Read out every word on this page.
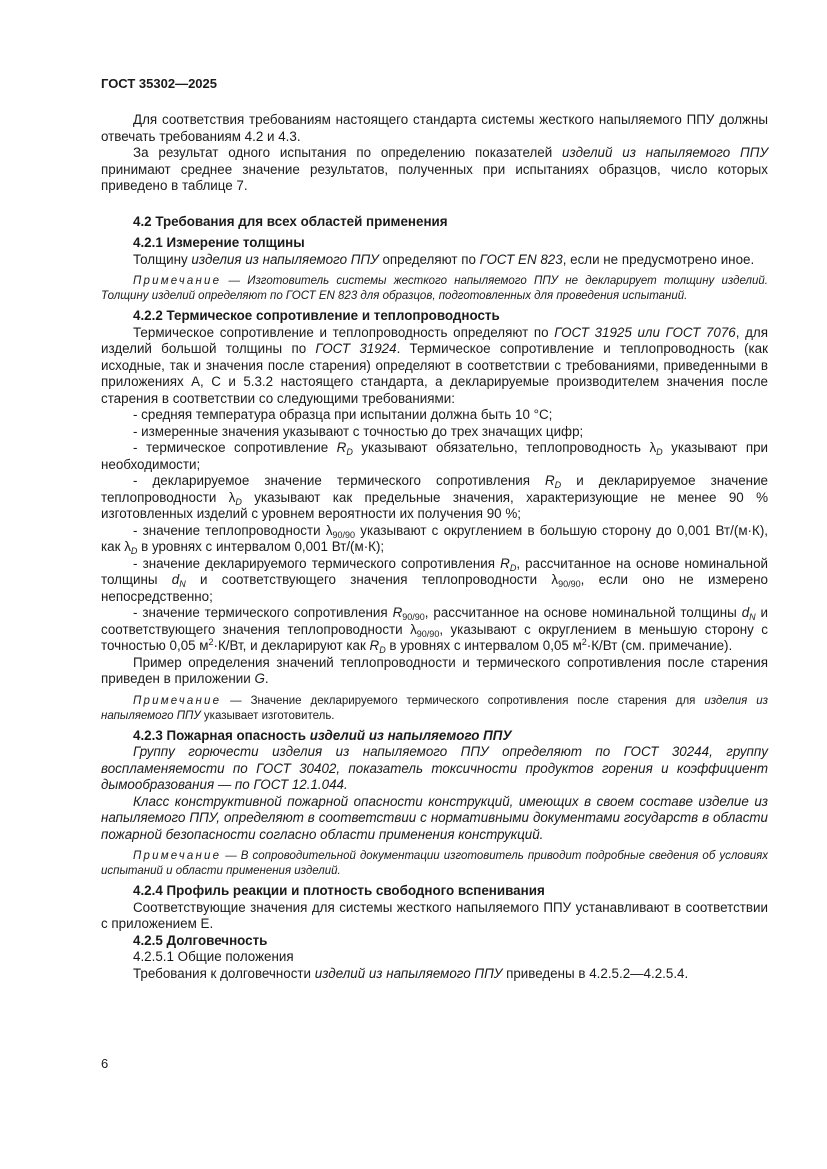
ГОСТ 35302—2025

Для соответствия требованиям настоящего стандарта системы жесткого напыляемого ППУ должны отвечать требованиям 4.2 и 4.3.

За результат одного испытания по определению показателей изделий из напыляемого ППУ принимают среднее значение результатов, полученных при испытаниях образцов, число которых приведено в таблице 7.

4.2 Требования для всех областей применения
4.2.1 Измерение толщины

Толщину изделия из напыляемого ППУ определяют по ГОСТ EN 823, если не предусмотрено иное.

Примечание — Изготовитель системы жесткого напыляемого ППУ не декларирует толщину изделий. Толщину изделий определяют по ГОСТ EN 823 для образцов, подготовленных для проведения испытаний.

4.2.2 Термическое сопротивление и теплопроводность

Термическое сопротивление и теплопроводность определяют по ГОСТ 31925 или ГОСТ 7076, для изделий большой толщины по ГОСТ 31924. Термическое сопротивление и теплопроводность (как исходные, так и значения после старения) определяют в соответствии с требованиями, приведенными в приложениях А, С и 5.3.2 настоящего стандарта, а декларируемые производителем значения после старения в соответствии со следующими требованиями:

- средняя температура образца при испытании должна быть 10 °С;

- измеренные значения указывают с точностью до трех значащих цифр;

- термическое сопротивление $R_D$ указывают обязательно, теплопроводность $\lambda_D$ указывают при необходимости;

- декларируемое значение термического сопротивления $R_D$ и декларируемое значение теплопроводности $\lambda_D$ указывают как предельные значения, характеризующие не менее 90 % изготовленных изделий с уровнем вероятности их получения 90 %;

- значение теплопроводности $\lambda_{90/90}$ указывают с округлением в большую сторону до 0,001 Вт/(м·К), как $\lambda_D$ в уровнях с интервалом 0,001 Вт/(м·К);

- значение декларируемого термического сопротивления $R_D$, рассчитанное на основе номинальной толщины $d_N$ и соответствующего значения теплопроводности $\lambda_{90/90}$, если оно не измерено непосредственно;

- значение термического сопротивления $R_{90/90}$, рассчитанное на основе номинальной толщины $d_N$ и соответствующего значения теплопроводности $\lambda_{90/90}$, указывают с округлением в меньшую сторону с точностью 0,05 $м^2\cdot К/Вт$, и декларируют как $R_D$ в уровнях с интервалом 0,05 $м^2\cdot К/Вт$ (см. примечание).

Пример определения значений теплопроводности и термического сопротивления после старения приведен в приложении G.

Примечание — Значение декларируемого термического сопротивления после старения для изделия из напыляемого ППУ указывает изготовитель.

4.2.3 Пожарная опасность изделий из напыляемого ППУ

Группу горючести изделия из напыляемого ППУ определяют по ГОСТ 30244, группу воспламеняемости по ГОСТ 30402, показатель токсичности продуктов горения и коэффициент дымообразования — по ГОСТ 12.1.044.

Класс конструктивной пожарной опасности конструкций, имеющих в своем составе изделие из напыляемого ППУ, определяют в соответствии с нормативными документами государств в области пожарной безопасности согласно области применения конструкций.

Примечание — В сопроводительной документации изготовитель приводит подробные сведения об условиях испытаний и области применения изделий.

4.2.4 Профиль реакции и плотность свободного вспенивания

Соответствующие значения для системы жесткого напыляемого ППУ устанавливают в соответствии с приложением Е.

4.2.5 Долговечность

4.2.5.1 Общие положения

Требования к долговечности изделий из напыляемого ППУ приведены в 4.2.5.2—4.2.5.4.

6
